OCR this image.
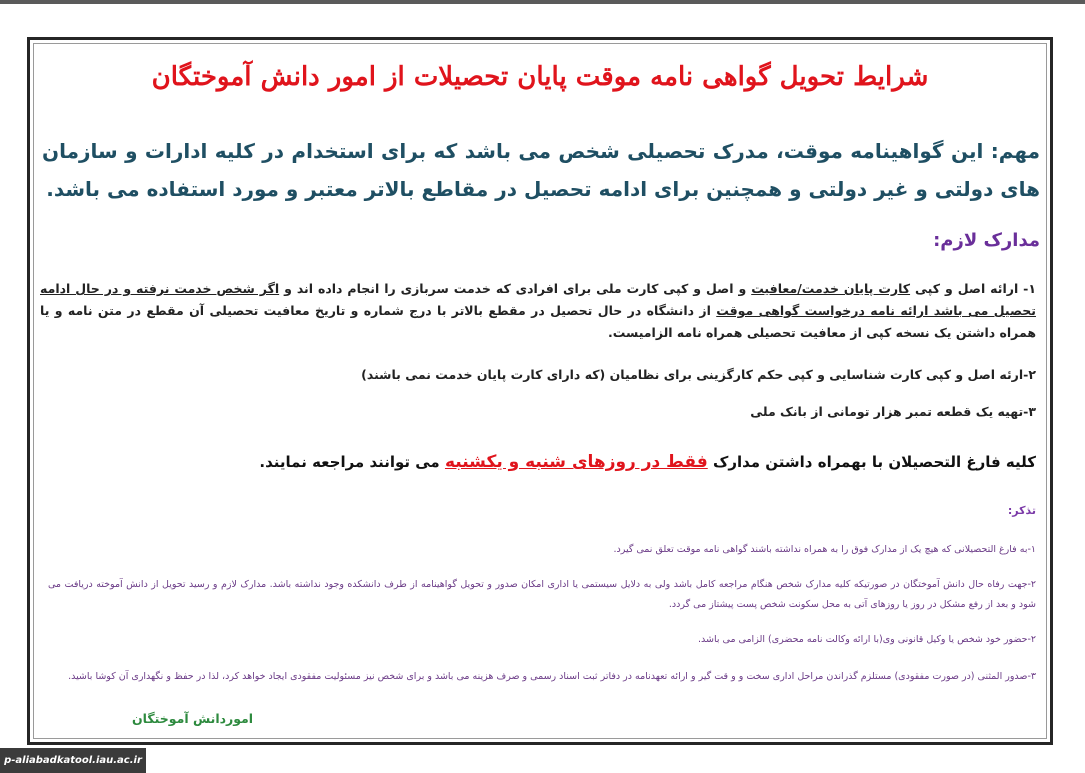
شرایط تحویل گواهی نامه موقت پایان تحصیلات از امور دانش آموختگان

مهم: این گواهینامه موقت، مدرک تحصیلی شخص می باشد که برای استخدام در کلیه ادارات و سازمان های دولتی و غیر دولتی و همچنین برای ادامه تحصیل در مقاطع بالاتر معتبر و مورد استفاده می باشد.

مدارک لازم:

۱- ارائه اصل و کپی کارت پایان خدمت/معافیت و اصل و کپی کارت ملی برای افرادی که خدمت سربازی را انجام داده اند و اگر شخص خدمت نرفته و در حال ادامه تحصیل می باشد ارائه نامه درخواست گواهی موقت از دانشگاه در حال تحصیل در مقطع بالاتر با درج شماره و تاریخ معافیت تحصیلی آن مقطع در متن نامه و یا همراه داشتن یک نسخه کپی از معافیت تحصیلی همراه نامه الزامیست.

۲-ارئه اصل و کپی کارت شناسایی و کپی حکم کارگزینی برای نظامیان (که دارای کارت پایان خدمت نمی باشند)

۳-تهیه یک قطعه تمبر هزار تومانی از بانک ملی

کلیه فارغ التحصیلان با بهمراه داشتن مدارک فقط در روزهای شنبه و یکشنبه می توانند مراجعه نمایند.

تذکر:

۱-به فارغ التحصیلانی که هیچ یک از مدارک فوق را به همراه نداشته باشند گواهی نامه موقت تعلق نمی گیرد.

۲-جهت رفاه حال دانش آموختگان در صورتیکه کلیه مدارک شخص هنگام مراجعه کامل باشد ولی به دلایل سیستمی یا اداری امکان صدور و تحویل گواهینامه از طرف دانشکده وجود نداشته باشد. مدارک لازم و رسید تحویل از دانش آموخته دریافت می شود و بعد از رفع مشکل در روز یا روزهای آتی به محل سکونت شخص پست پیشتاز می گردد.

۲-حضور خود شخص یا وکیل قانونی وی(با ارائه وکالت نامه محضری) الزامی می باشد.

۳-صدور المثنی (در صورت مفقودی) مستلزم گذراندن مراحل اداری سخت و و قت گیر و ارائه تعهدنامه در دفاتر ثبت اسناد رسمی و صرف هزینه می باشد و برای شخص نیز مسئولیت مفقودی ایجاد خواهد کرد، لذا در حفظ و نگهداری آن کوشا باشید.

اموردانش آموختگان

p-aliabadkatool.iau.ac.ir
